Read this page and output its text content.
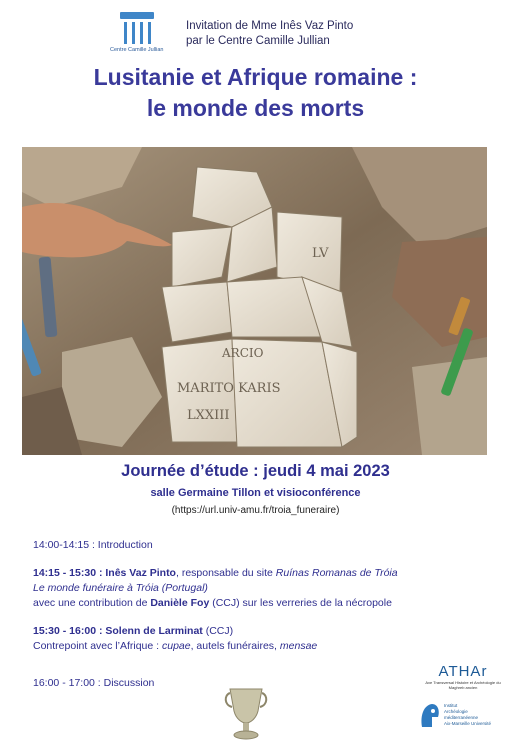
Centre Camille Jullian
Invitation de Mme Inês Vaz Pinto
par le Centre Camille Jullian
Lusitanie et Afrique romaine :
le monde des morts
LV
ARCIO
MARITO KARIS
LXXIII
Journée d’étude : jeudi 4 mai 2023
salle Germaine Tillon et visioconférence
(https://url.univ-amu.fr/troia_funeraire)
14:00-14:15 : Introduction
14:15 - 15:30 : Inês Vaz Pinto, responsable du site Ruínas Romanas de Tróia
Le monde funéraire à Tróia (Portugal)
avec une contribution de Danièle Foy (CCJ) sur les verreries de la nécropole
15:30 - 16:00 : Solenn de Larminat (CCJ)
Contrepoint avec l’Afrique : cupae, autels funéraires, mensae
16:00 - 17:00 : Discussion
ATHAr
Axe Transversal Histoire et Archéologie du Maghreb ancien
Institut
Archéologie
méditerranéenne
Aix-Marseille Université
